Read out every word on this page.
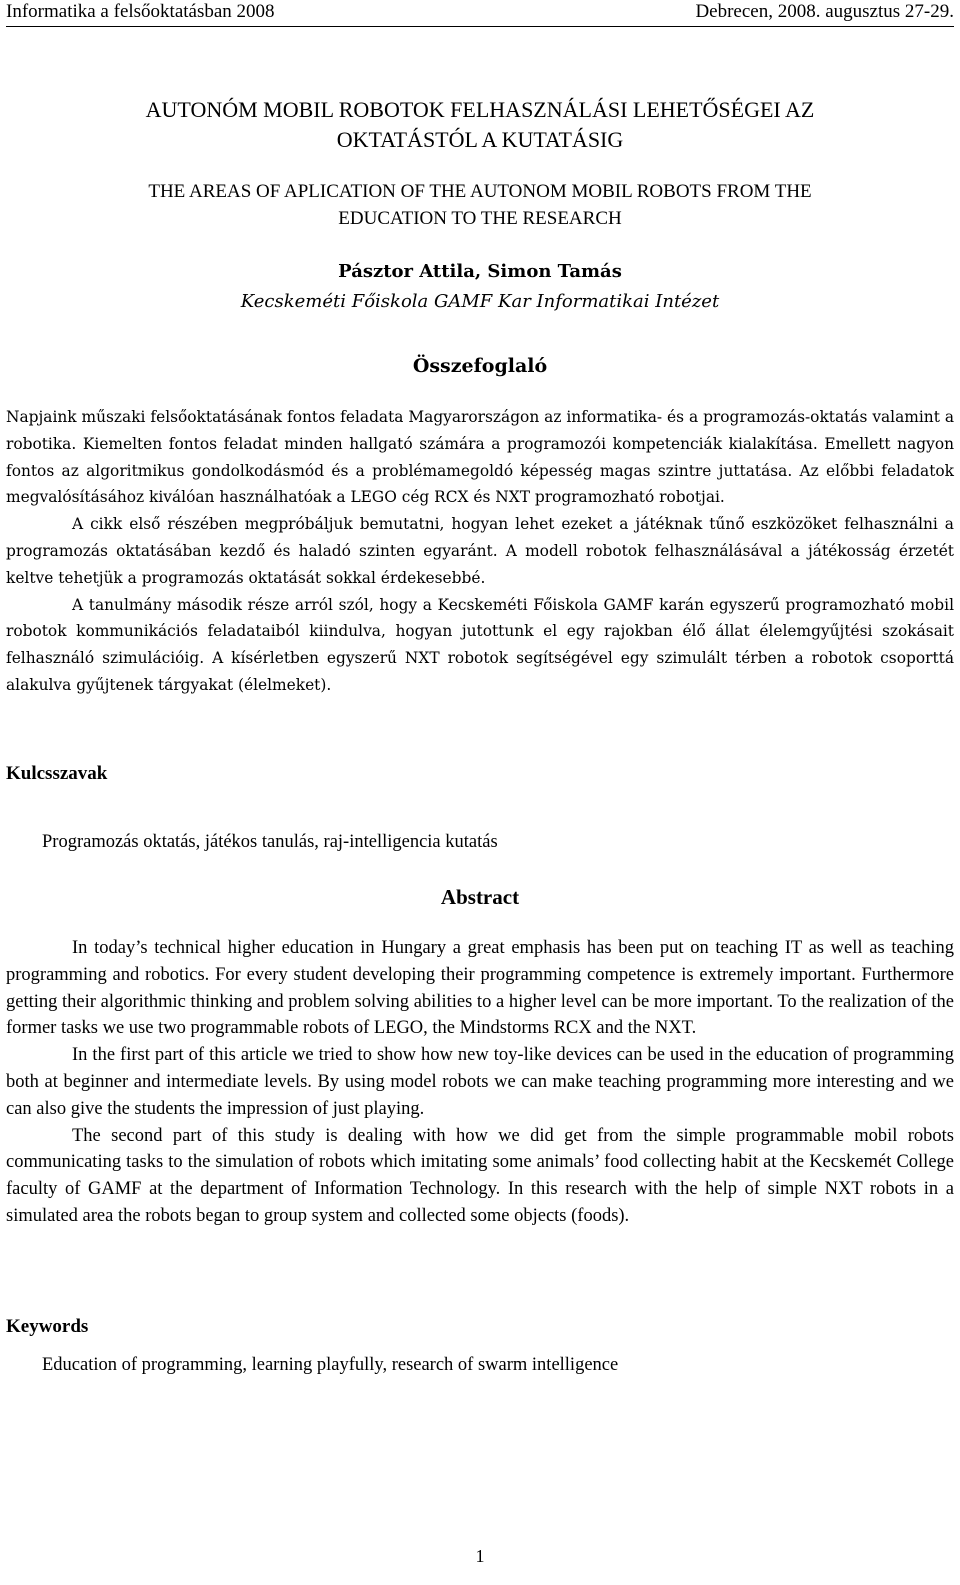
Informatika a felsőoktatásban 2008	Debrecen, 2008. augusztus 27-29.
AUTONÓM MOBIL ROBOTOK FELHASZNÁLÁSI LEHETŐSÉGEI AZ
OKTATÁSTÓL A KUTATÁSIG
THE AREAS OF APLICATION OF THE AUTONOM MOBIL ROBOTS FROM THE
EDUCATION TO THE RESEARCH
Pásztor Attila, Simon Tamás
Kecskeméti Főiskola GAMF Kar Informatikai Intézet
Összefoglaló

Napjaink műszaki felsőoktatásának fontos feladata Magyarországon az informatika- és a programozás-oktatás valamint a robotika. Kiemelten fontos feladat minden hallgató számára a programozói kompetenciák kialakítása. Emellett nagyon fontos az algoritmikus gondolkodásmód és a problémamegoldó képesség magas szintre juttatása. Az előbbi feladatok megvalósításához kiválóan használhatóak a LEGO cég RCX és NXT programozható robotjai.

A cikk első részében megpróbáljuk bemutatni, hogyan lehet ezeket a játéknak tűnő eszközöket felhasználni a programozás oktatásában kezdő és haladó szinten egyaránt. A modell robotok felhasználásával a játékosság érzetét keltve tehetjük a programozás oktatását sokkal érdekesebbé.

A tanulmány második része arról szól, hogy a Kecskeméti Főiskola GAMF karán egyszerű programozható mobil robotok kommunikációs feladataiból kiindulva, hogyan jutottunk el egy rajokban élő állat élelemgyűjtési szokásait felhasználó szimulációig. A kísérletben egyszerű NXT robotok segítségével egy szimulált térben a robotok csoporttá alakulva gyűjtenek tárgyakat (élelmeket).

Kulcsszavak
Programozás oktatás, játékos tanulás, raj-intelligencia kutatás
Abstract

In today’s technical higher education in Hungary a great emphasis has been put on teaching IT as well as teaching programming and robotics. For every student developing their programming competence is extremely important. Furthermore getting their algorithmic thinking and problem solving abilities to a higher level can be more important. To the realization of the former tasks we use two programmable robots of LEGO, the Mindstorms RCX and the NXT.

In the first part of this article we tried to show how new toy-like devices can be used in the education of programming both at beginner and intermediate levels. By using model robots we can make teaching programming more interesting and we can also give the students the impression of just playing.

The second part of this study is dealing with how we did get from the simple programmable mobil robots communicating tasks to the simulation of robots which imitating some animals’ food collecting habit at the Kecskemét College faculty of GAMF at the department of Information Technology. In this research with the help of simple NXT robots in a simulated area the robots began to group system and collected some objects (foods).

Keywords
Education of programming, learning playfully, research of swarm intelligence
1
